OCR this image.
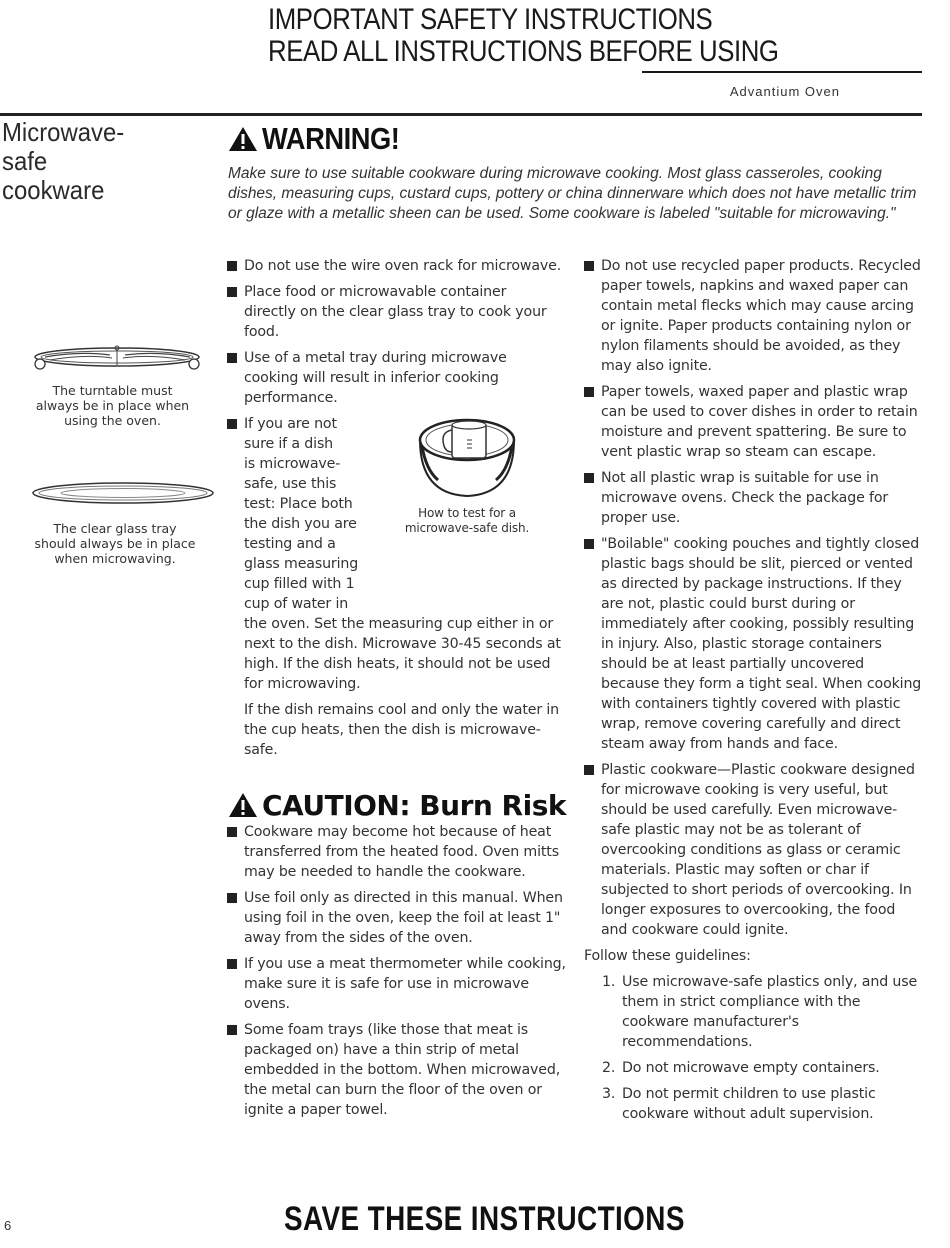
IMPORTANT SAFETY INSTRUCTIONS
READ ALL INSTRUCTIONS BEFORE USING
Advantium Oven
Microwave-
safe
cookware
The turntable must
always be in place when
using the oven.
The clear glass tray
should always be in place
when microwaving.
WARNING!
Make sure to use suitable cookware during microwave cooking. Most glass casseroles, cooking dishes, measuring cups, custard cups, pottery or china dinnerware which does not have metallic trim or glaze with a metallic sheen can be used. Some cookware is labeled "suitable for microwaving."
Do not use the wire oven rack for microwave.
Place food or microwavable container directly on the clear glass tray to cook your food.
Use of a metal tray during microwave cooking will result in inferior cooking performance.
If you are not
sure if a dish
is microwave-
safe, use this
test: Place both
the dish you are
testing and a
glass measuring
cup filled with 1
cup of water in
How to test for a
microwave-safe dish.
the oven. Set the measuring cup either in or next to the dish. Microwave 30-45 seconds at high. If the dish heats, it should not be used for microwaving.
If the dish remains cool and only the water in the cup heats, then the dish is microwave-safe.
CAUTION: Burn Risk
Cookware may become hot because of heat transferred from the heated food. Oven mitts may be needed to handle the cookware.
Use foil only as directed in this manual. When using foil in the oven, keep the foil at least 1" away from the sides of the oven.
If you use a meat thermometer while cooking, make sure it is safe for use in microwave ovens.
Some foam trays (like those that meat is packaged on) have a thin strip of metal embedded in the bottom. When microwaved, the metal can burn the floor of the oven or ignite a paper towel.
Do not use recycled paper products. Recycled paper towels, napkins and waxed paper can contain metal flecks which may cause arcing or ignite. Paper products containing nylon or nylon filaments should be avoided, as they may also ignite.
Paper towels, waxed paper and plastic wrap can be used to cover dishes in order to retain moisture and prevent spattering. Be sure to vent plastic wrap so steam can escape.
Not all plastic wrap is suitable for use in microwave ovens. Check the package for proper use.
"Boilable" cooking pouches and tightly closed plastic bags should be slit, pierced or vented as directed by package instructions. If they are not, plastic could burst during or immediately after cooking, possibly resulting in injury. Also, plastic storage containers should be at least partially uncovered because they form a tight seal. When cooking with containers tightly covered with plastic wrap, remove covering carefully and direct steam away from hands and face.
Plastic cookware—Plastic cookware designed for microwave cooking is very useful, but should be used carefully. Even microwave-safe plastic may not be as tolerant of overcooking conditions as glass or ceramic materials. Plastic may soften or char if subjected to short periods of overcooking. In longer exposures to overcooking, the food and cookware could ignite.
Follow these guidelines:
1. Use microwave-safe plastics only, and use them in strict compliance with the cookware manufacturer's recommendations.
2. Do not microwave empty containers.
3. Do not permit children to use plastic cookware without adult supervision.
6	SAVE THESE INSTRUCTIONS
